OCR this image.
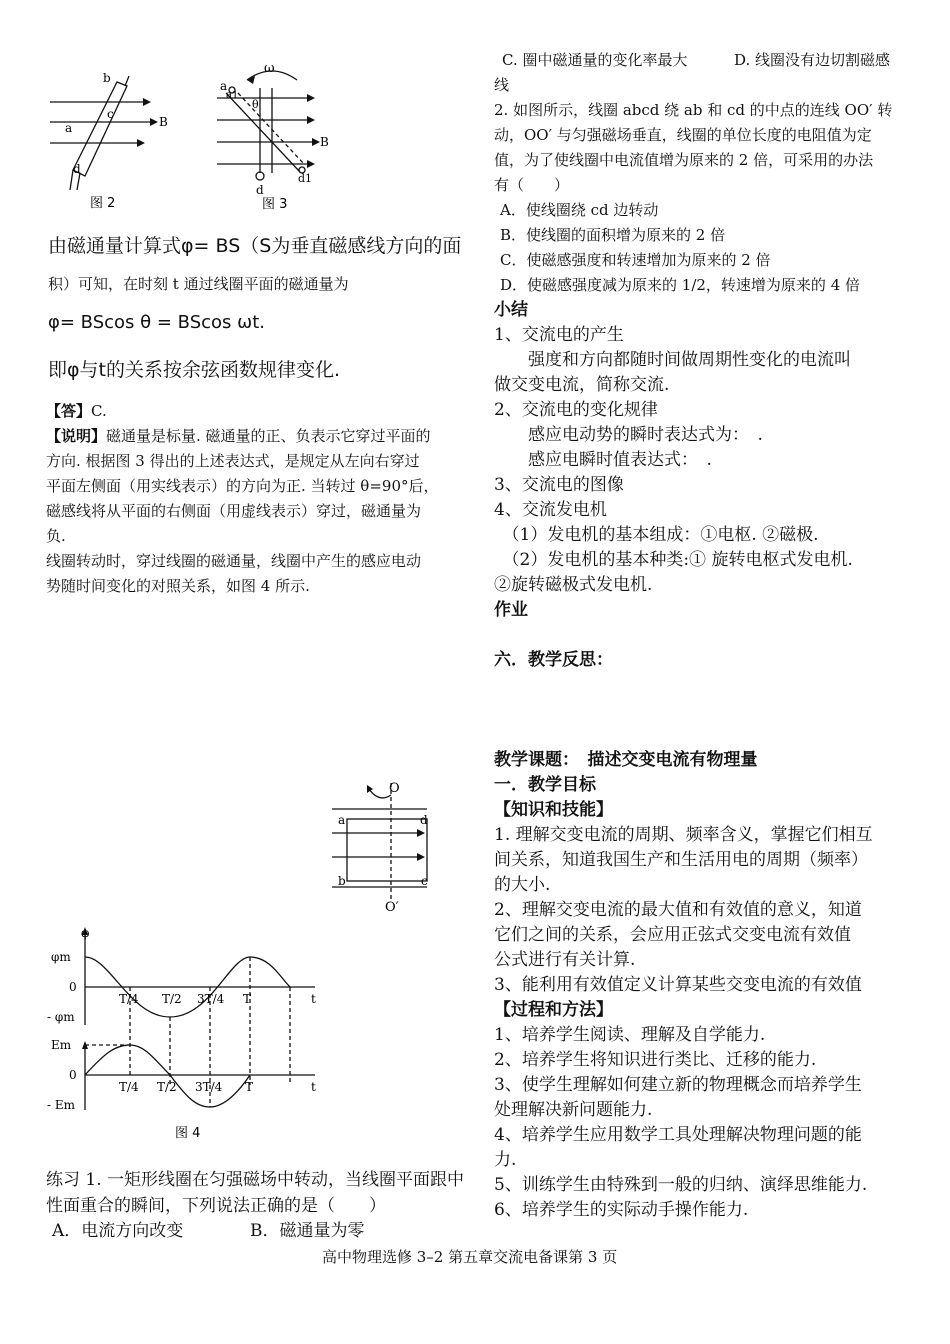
a
b
c
d
B
图 2
ω
a
a1
θ
d
d1
B
图 3
由磁通量计算式φ= BS（S为垂直磁感线方向的面
积）可知，在时刻 t 通过线圈平面的磁通量为
φ= BScos θ = BScos ωt.
即φ与t的关系按余弦函数规律变化.
【答】C.
【说明】磁通量是标量. 磁通量的正、负表示它穿过平面的
方向. 根据图 3 得出的上述表达式，是规定从左向右穿过
平面左侧面（用实线表示）的方向为正. 当转过 θ=90°后，
磁感线将从平面的右侧面（用虚线表示）穿过，磁通量为
负.
线圈转动时，穿过线圈的磁通量，线圈中产生的感应电动
势随时间变化的对照关系，如图 4 所示.
O
O′
a	d
b	c
φ
φm
0
- φm
t
T/4 T/2 3T/4 T
Em
0
- Em
t
T/4 T/2 3T/4 T
图 4
练习 1. 一矩形线圈在匀强磁场中转动，当线圈平面跟中
性面重合的瞬间，下列说法正确的是（　　）
A．电流方向改变	B．磁通量为零
C. 圈中磁通量的变化率最大	D. 线圈没有边切割磁感
线
2. 如图所示，线圈 abcd 绕 ab 和 cd 的中点的连线 OO′ 转
动，OO′ 与匀强磁场垂直，线圈的单位长度的电阻值为定
值，为了使线圈中电流值增为原来的 2 倍，可采用的办法
有（　　）
A．使线圈绕 cd 边转动
B．使线圈的面积增为原来的 2 倍
C．使磁感强度和转速增加为原来的 2 倍
D．使磁感强度减为原来的 1/2，转速增为原来的 4 倍
小结
1、交流电的产生
　　强度和方向都随时间做周期性变化的电流叫
做交变电流，简称交流.
2、交流电的变化规律
　　感应电动势的瞬时表达式为：　.
　　感应电瞬时值表达式：　.
3、交流电的图像
4、交流发电机
　（1）发电机的基本组成：①电枢. ②磁极.
　（2）发电机的基本种类:① 旋转电枢式发电机.
②旋转磁极式发电机.
作业
六．教学反思：
教学课题：　描述交变电流有物理量
一．教学目标
【知识和技能】
1. 理解交变电流的周期、频率含义，掌握它们相互
间关系，知道我国生产和生活用电的周期（频率）
的大小.
2、理解交变电流的最大值和有效值的意义，知道
它们之间的关系，会应用正弦式交变电流有效值
公式进行有关计算.
3、能利用有效值定义计算某些交变电流的有效值
【过程和方法】
1、培养学生阅读、理解及自学能力.
2、培养学生将知识进行类比、迁移的能力.
3、使学生理解如何建立新的物理概念而培养学生
处理解决新问题能力.
4、培养学生应用数学工具处理解决物理问题的能
力.
5、训练学生由特殊到一般的归纳、演绎思维能力.
6、培养学生的实际动手操作能力.
高中物理选修 3–2 第五章交流电备课第 3 页
